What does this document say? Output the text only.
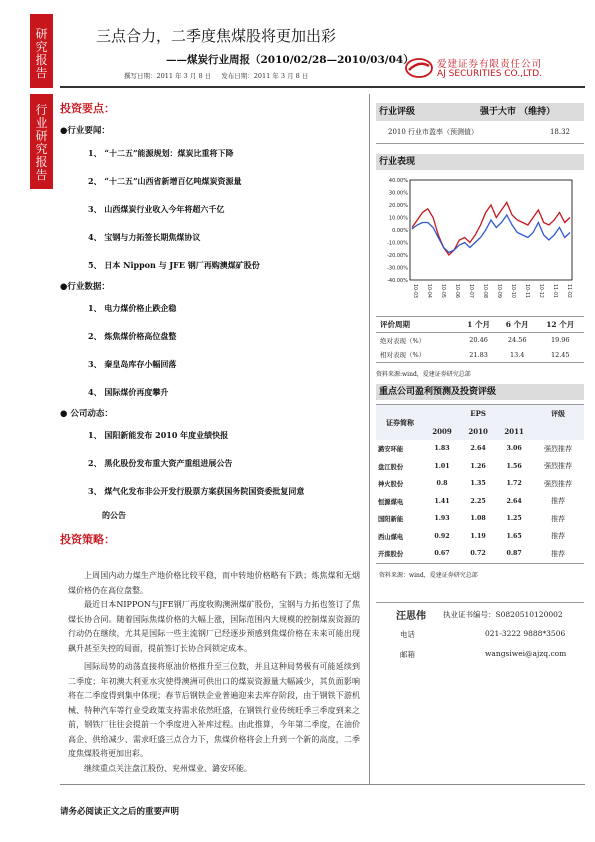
研究报告
行业研究报告
三点合力，二季度焦煤股将更加出彩
——煤炭行业周报（2010/02/28—2010/03/04）
撰写日期：2011 年 3 月 8 日 发布日期：2011 年 3 月 8 日
爱建证券有限责任公司
AJ SECURITIES CO.,LTD.
投资要点：
●行业要闻：
1、 “十二五”能源规划：煤炭比重将下降
2、 “十二五”山西省新增百亿吨煤炭资源量
3、 山西煤炭行业收入今年将超六千亿
4、 宝钢与力拓签长期焦煤协议
5、 日本 Nippon 与 JFE 钢厂再购澳煤矿股份
●行业数据：
1、 电力煤价格止跌企稳
2、 炼焦煤价格高位盘整
3、 秦皇岛库存小幅回落
4、 国际煤价再度攀升
● 公司动态：
1、 国阳新能发布 2010 年度业绩快报
2、 黑化股份发布重大资产重组进展公告
3、 煤气化发布非公开发行股票方案获国务院国资委批复同意
的公告
投资策略：
上周国内动力煤生产地价格比较平稳，而中转地价格略有下跌；炼焦煤和无烟煤价格仍在高位盘整。
最近日本NIPPON与JFE钢厂再度收购澳洲煤矿股份，宝钢与力拓也签订了焦煤长协合同。随着国际焦煤价格的大幅上涨，国际范围内大规模的控制煤炭资源的行动仍在继续，尤其是国际一些主流钢厂已经逐步预感到焦煤价格在未来可能出现飙升甚至失控的局面，提前签订长协合同锁定成本。
国际局势的动荡直接将原油价格推升至三位数，并且这种局势极有可能延续到二季度；年初澳大利亚水灾使得澳洲可供出口的煤炭资源量大幅减少，其负面影响将在二季度得到集中体现；春节后钢铁企业普遍迎来去库存阶段，由于钢铁下游机械、特种汽车等行业受政策支持需求依然旺盛，在钢铁行业传统旺季三季度到来之前，钢铁厂往往会提前一个季度进入补库过程。由此推算，今年第二季度，在油价高企、供给减少、需求旺盛三点合力下，焦煤价格将会上升到一个新的高度，二季度焦煤股将更加出彩。
继续重点关注盘江股份、兖州煤业、潞安环能。
行业评级	强于大市 （维持）
2010 行业市盈率（预测值）	18.32
行业表现
40.00%
30.00%
20.00%
10.00%
0.00%
-10.00%
-20.00%
-30.00%
-40.00%
10-03 10-04 10-05 10-06 10-07 10-08 10-09 10-10 10-11 10-12 11-01 11-02
评价周期	1 个月	6 个月	12 个月
绝对表现（%）	20.46	24.56	19.96
相对表现（%）	21.83	13.4	12.45
资料来源:wind，爱建证券研究总部
重点公司盈利预测及投资评级
证券简称	EPS			评级
	2009	2010	2011	
潞安环能	1.83	2.64	3.06	强烈推荐
盘江股份	1.01	1.26	1.56	强烈推荐
神火股份	0.8	1.35	1.72	强烈推荐
恒源煤电	1.41	2.25	2.64	推荐
国阳新能	1.93	1.08	1.25	推荐
西山煤电	0.92	1.19	1.65	推荐
开滦股份	0.67	0.72	0.87	推荐
资料来源：wind，爱建证券研究总部
汪思伟 执业证书编号：S0820510120002
电话	021-3222 9888*3506
邮箱	wangsiwei@ajzq.com
请务必阅读正文之后的重要声明
